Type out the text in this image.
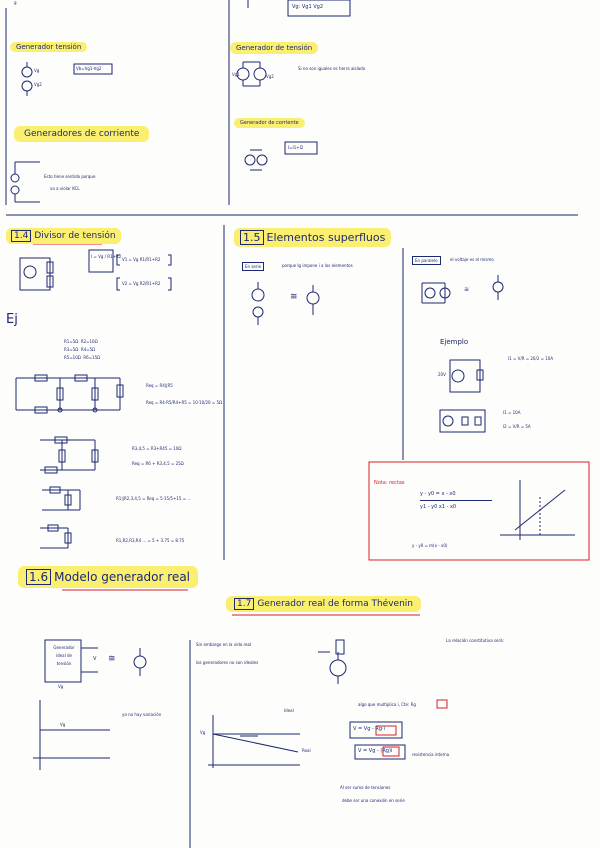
g
Vg: Vg1 Vg2
Generador tensión
Vg
Vg2
Vb=Vg1-Vg2
Generadores de corriente
Esto tiene sentido porque
va a violar KCL
Generador de tensión
Vg1	Vg2
Si no son iguales es tierra aislado
Generador de corriente
I=I1+I2
1.4 Divisor de tensión
I = Vg / R1+R2
V1 = Vg R1/R1+R2
V2 = Vg R2/R1+R2
Ej
R1=5Ω R2=10Ω
R3=5Ω R4=5Ω
R5=10Ω R6=15Ω
Req = R4||R5
Req = R4·R5/R4+R5 = 10·10/20 = 5Ω
R3,4,5 = R3+R45 = 10Ω
Req = R6 + R3,4,5 = 25Ω
R1||R2,3,4,5 = Req = 5·15/5+15 = ...
R1,R2,R3,R4 ... = 5 + 3.75 = 8.75
1.5 Elementos superfluos
En serie	porque Ig impone i a los elementos
≅
En paralelo	el voltaje es el mismo
≅
Ejemplo
20V
I1 = V/R = 20/2 = 10A
I1 = 10A
I2 = V/R = 5A
Nota: rectas
y - y0 = x - x0
y1 - y0 x1 - x0
y - y0 = m(x - x0)
1.6 Modelo generador real
Generador
ideal de
tensión
Vg
V ≅
ya no hay variación
Vg
1.7 Generador real de forma Thévenin
Sin embargo en la vida real
los generadores no son ideales
La relación constitutiva será:
algo que multiplica i, Cte: Rg
V = Vg - Rg·i
V = Vg - (Rg)i
resistencia interna
Al ser suma de tensiones
debe ser una conexión en serie
Ideal
Real
Vg
